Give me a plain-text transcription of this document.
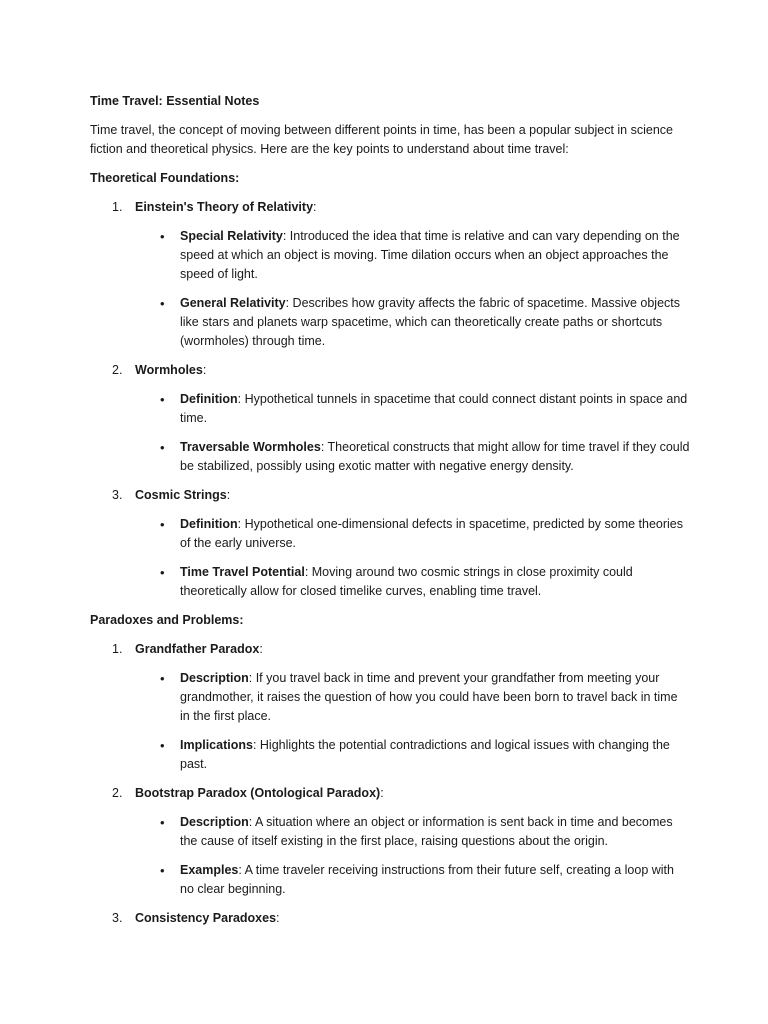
Time Travel: Essential Notes

Time travel, the concept of moving between different points in time, has been a popular subject in science fiction and theoretical physics. Here are the key points to understand about time travel:

Theoretical Foundations:

1. Einstein's Theory of Relativity:
• Special Relativity: Introduced the idea that time is relative and can vary depending on the speed at which an object is moving. Time dilation occurs when an object approaches the speed of light.
• General Relativity: Describes how gravity affects the fabric of spacetime. Massive objects like stars and planets warp spacetime, which can theoretically create paths or shortcuts (wormholes) through time.
2. Wormholes:
• Definition: Hypothetical tunnels in spacetime that could connect distant points in space and time.
• Traversable Wormholes: Theoretical constructs that might allow for time travel if they could be stabilized, possibly using exotic matter with negative energy density.
3. Cosmic Strings:
• Definition: Hypothetical one-dimensional defects in spacetime, predicted by some theories of the early universe.
• Time Travel Potential: Moving around two cosmic strings in close proximity could theoretically allow for closed timelike curves, enabling time travel.

Paradoxes and Problems:

1. Grandfather Paradox:
• Description: If you travel back in time and prevent your grandfather from meeting your grandmother, it raises the question of how you could have been born to travel back in time in the first place.
• Implications: Highlights the potential contradictions and logical issues with changing the past.
2. Bootstrap Paradox (Ontological Paradox):
• Description: A situation where an object or information is sent back in time and becomes the cause of itself existing in the first place, raising questions about the origin.
• Examples: A time traveler receiving instructions from their future self, creating a loop with no clear beginning.
3. Consistency Paradoxes:
